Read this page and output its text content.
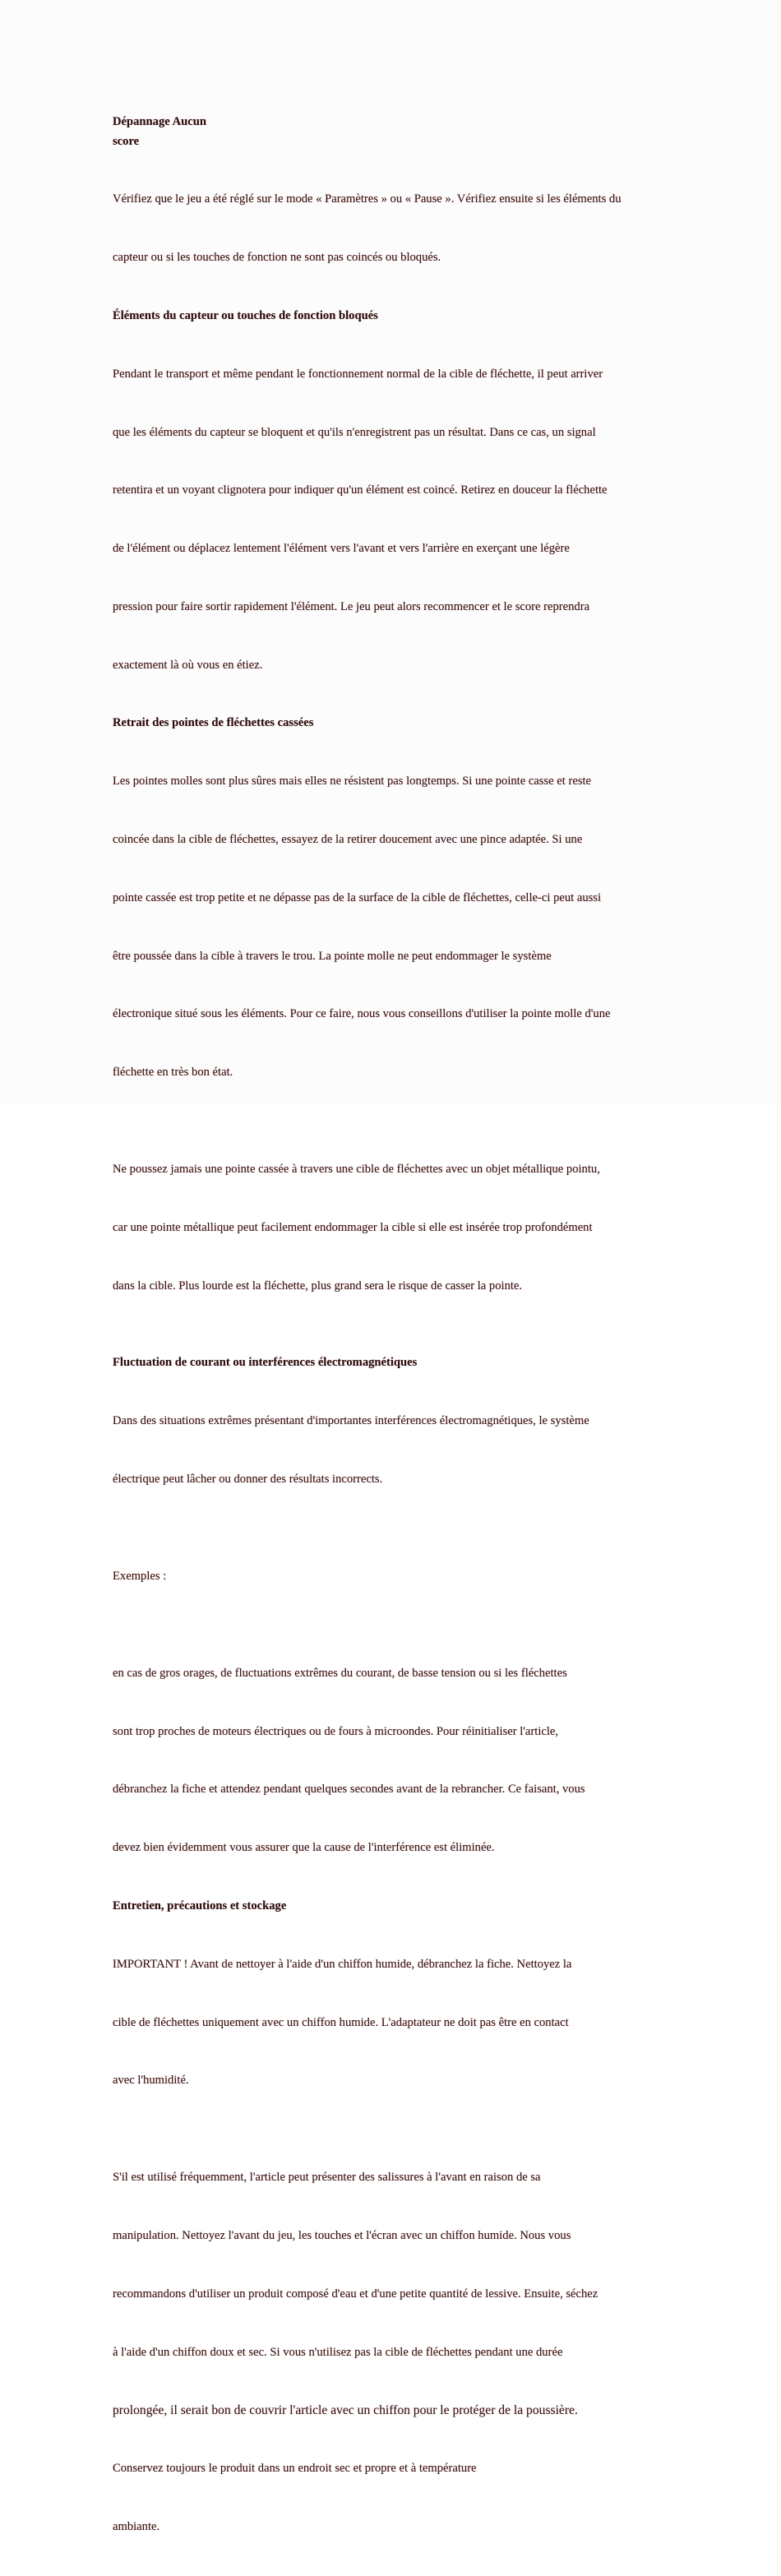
Dépannage Aucun
score

Vérifiez que le jeu a été réglé sur le mode « Paramètres » ou « Pause ». Vérifiez ensuite si les éléments du

capteur ou si les touches de fonction ne sont pas coincés ou bloqués.

Éléments du capteur ou touches de fonction bloqués

Pendant le transport et même pendant le fonctionnement normal de la cible de fléchette, il peut arriver

que les éléments du capteur se bloquent et qu'ils n'enregistrent pas un résultat. Dans ce cas, un signal

retentira et un voyant clignotera pour indiquer qu'un élément est coincé. Retirez en douceur la fléchette

de l'élément ou déplacez lentement l'élément vers l'avant et vers l'arrière en exerçant une légère

pression pour faire sortir rapidement l'élément. Le jeu peut alors recommencer et le score reprendra

exactement là où vous en étiez.

Retrait des pointes de fléchettes cassées

Les pointes molles sont plus sûres mais elles ne résistent pas longtemps. Si une pointe casse et reste

coincée dans la cible de fléchettes, essayez de la retirer doucement avec une pince adaptée. Si une

pointe cassée est trop petite et ne dépasse pas de la surface de la cible de fléchettes, celle-ci peut aussi

être poussée dans la cible à travers le trou. La pointe molle ne peut endommager le système

électronique situé sous les éléments. Pour ce faire, nous vous conseillons d'utiliser la pointe molle d'une

fléchette en très bon état.

Ne poussez jamais une pointe cassée à travers une cible de fléchettes avec un objet métallique pointu,

car une pointe métallique peut facilement endommager la cible si elle est insérée trop profondément

dans la cible. Plus lourde est la fléchette, plus grand sera le risque de casser la pointe.

Fluctuation de courant ou interférences électromagnétiques

Dans des situations extrêmes présentant d'importantes interférences électromagnétiques, le système

électrique peut lâcher ou donner des résultats incorrects.

Exemples :

en cas de gros orages, de fluctuations extrêmes du courant, de basse tension ou si les fléchettes

sont trop proches de moteurs électriques ou de fours à microondes. Pour réinitialiser l'article,

débranchez la fiche et attendez pendant quelques secondes avant de la rebrancher. Ce faisant, vous

devez bien évidemment vous assurer que la cause de l'interférence est éliminée.

Entretien, précautions et stockage

IMPORTANT ! Avant de nettoyer à l'aide d'un chiffon humide, débranchez la fiche. Nettoyez la

cible de fléchettes uniquement avec un chiffon humide. L'adaptateur ne doit pas être en contact

avec l'humidité.

S'il est utilisé fréquemment, l'article peut présenter des salissures à l'avant en raison de sa

manipulation. Nettoyez l'avant du jeu, les touches et l'écran avec un chiffon humide. Nous vous

recommandons d'utiliser un produit composé d'eau et d'une petite quantité de lessive. Ensuite, séchez

à l'aide d'un chiffon doux et sec. Si vous n'utilisez pas la cible de fléchettes pendant une durée

prolongée, il serait bon de couvrir l'article avec un chiffon pour le protéger de la poussière.

Conservez toujours le produit dans un endroit sec et propre et à température

ambiante.
